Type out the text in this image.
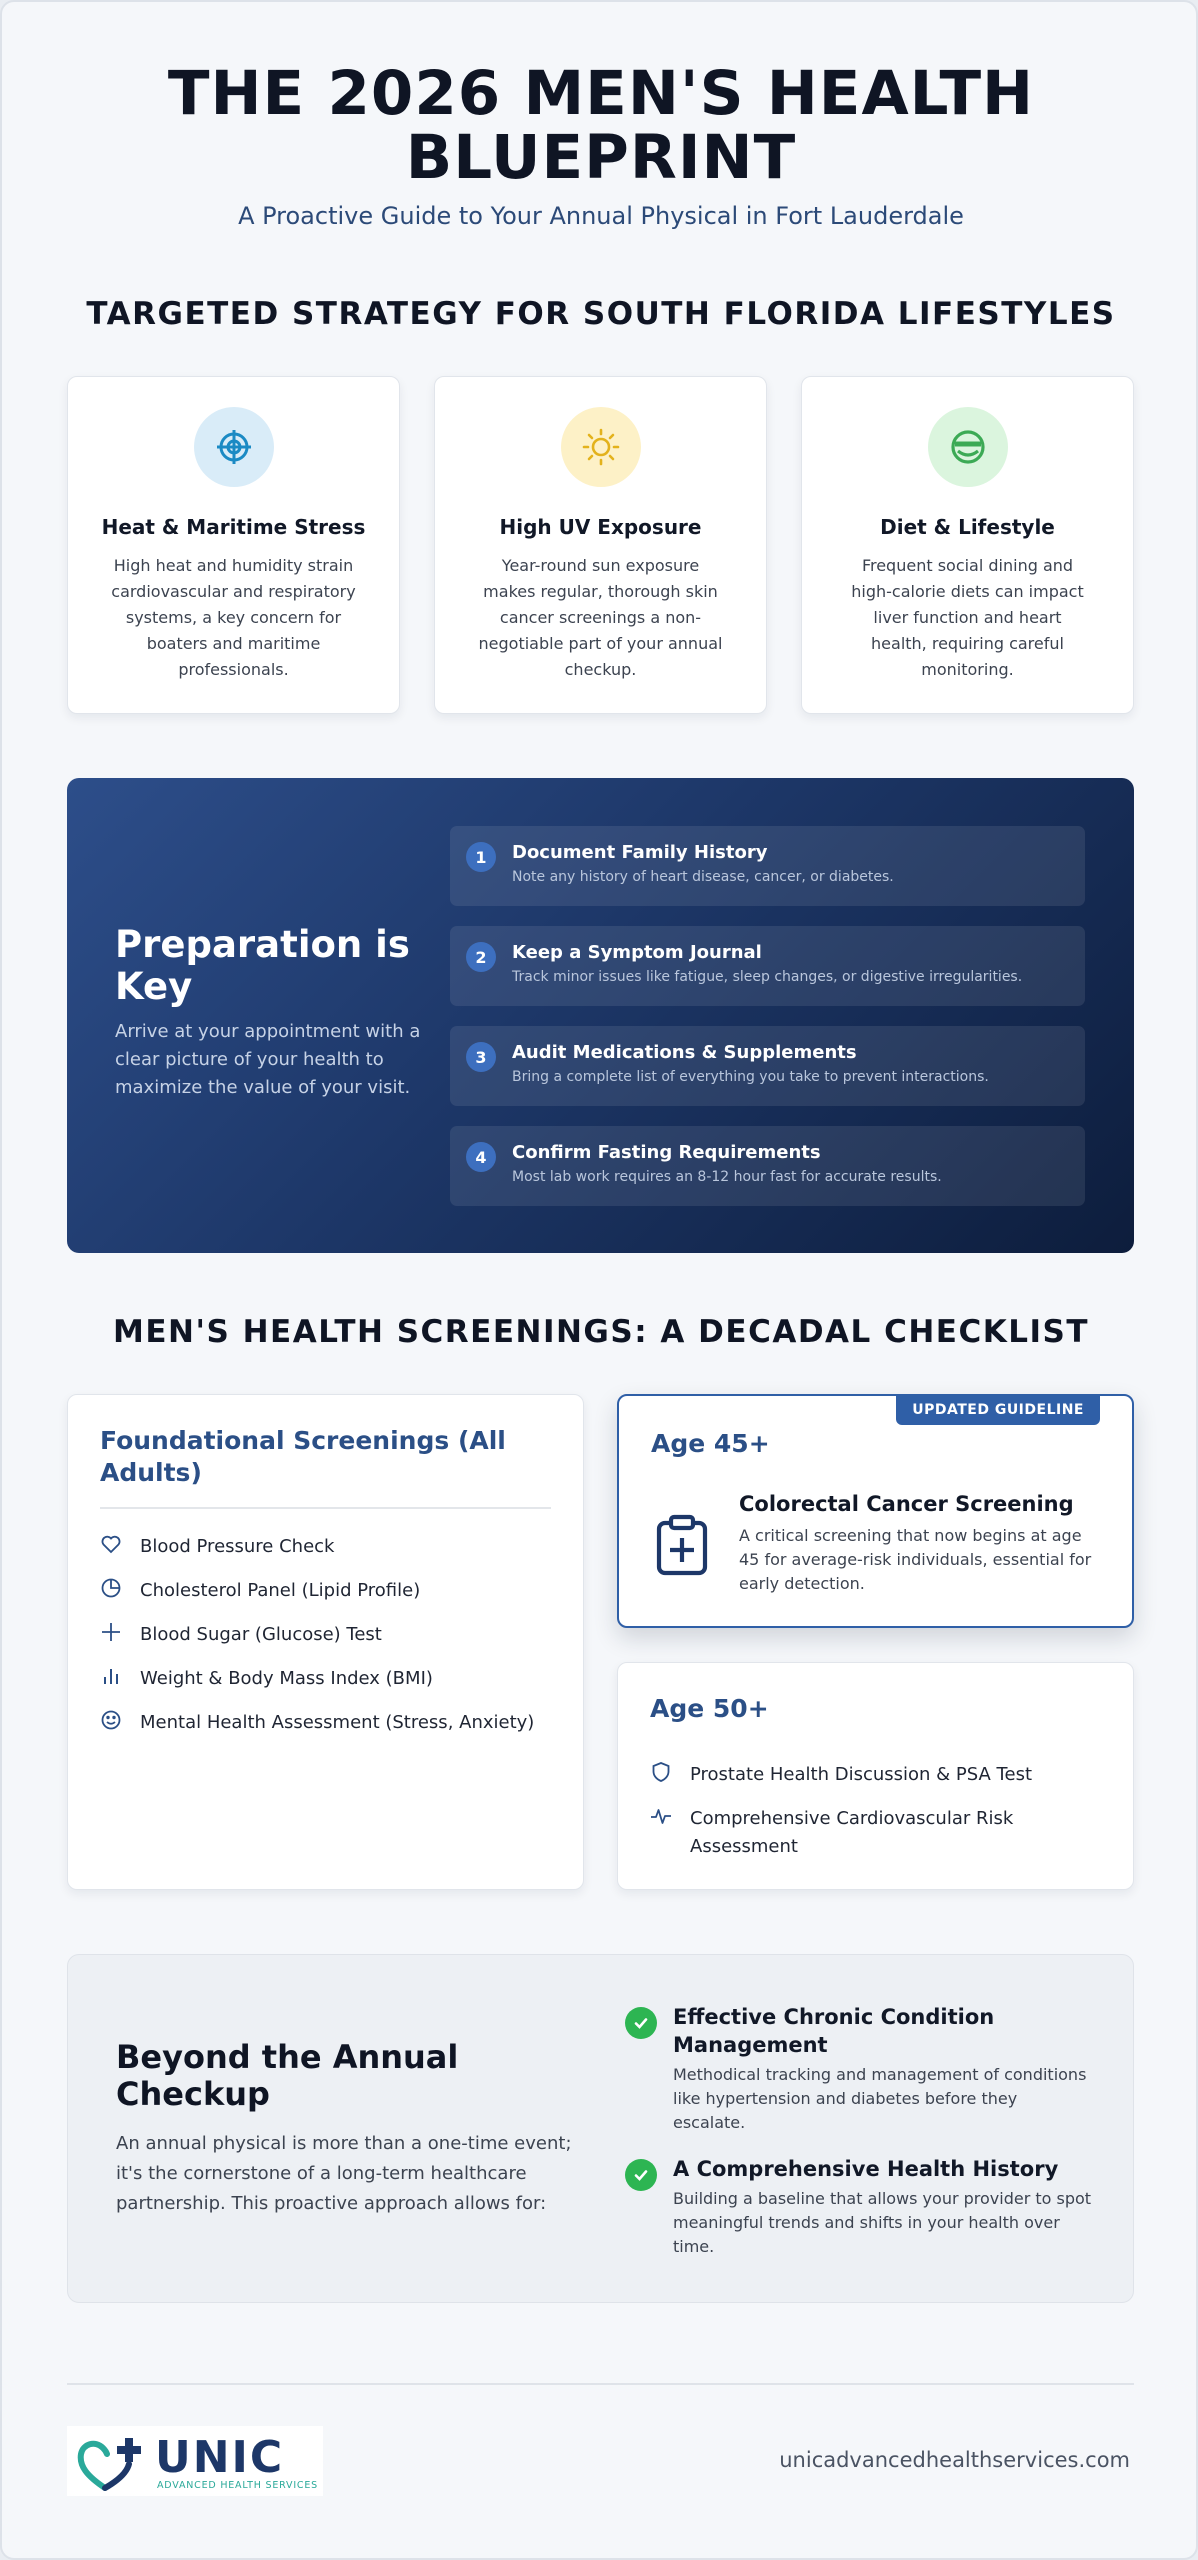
THE 2026 MEN'S HEALTH
BLUEPRINT
A Proactive Guide to Your Annual Physical in Fort Lauderdale
TARGETED STRATEGY FOR SOUTH FLORIDA LIFESTYLES
Heat & Maritime Stress
High heat and humidity strain cardiovascular and respiratory systems, a key concern for boaters and maritime professionals.
High UV Exposure
Year-round sun exposure makes regular, thorough skin cancer screenings a non-negotiable part of your annual checkup.
Diet & Lifestyle
Frequent social dining and high-calorie diets can impact liver function and heart health, requiring careful monitoring.
Preparation is Key
Arrive at your appointment with a clear picture of your health to maximize the value of your visit.
1	Document Family History
Note any history of heart disease, cancer, or diabetes.
2	Keep a Symptom Journal
Track minor issues like fatigue, sleep changes, or digestive irregularities.
3	Audit Medications & Supplements
Bring a complete list of everything you take to prevent interactions.
4	Confirm Fasting Requirements
Most lab work requires an 8-12 hour fast for accurate results.
MEN'S HEALTH SCREENINGS: A DECADAL CHECKLIST
Foundational Screenings (All Adults)
Blood Pressure Check
Cholesterol Panel (Lipid Profile)
Blood Sugar (Glucose) Test
Weight & Body Mass Index (BMI)
Mental Health Assessment (Stress, Anxiety)
UPDATED GUIDELINE
Age 45+
Colorectal Cancer Screening
A critical screening that now begins at age 45 for average-risk individuals, essential for early detection.
Age 50+
Prostate Health Discussion & PSA Test
Comprehensive Cardiovascular Risk Assessment
Beyond the Annual Checkup
An annual physical is more than a one-time event; it's the cornerstone of a long-term healthcare partnership. This proactive approach allows for:
Effective Chronic Condition Management
Methodical tracking and management of conditions like hypertension and diabetes before they escalate.
A Comprehensive Health History
Building a baseline that allows your provider to spot meaningful trends and shifts in your health over time.
UNIC
ADVANCED HEALTH SERVICES
unicadvancedhealthservices.com
